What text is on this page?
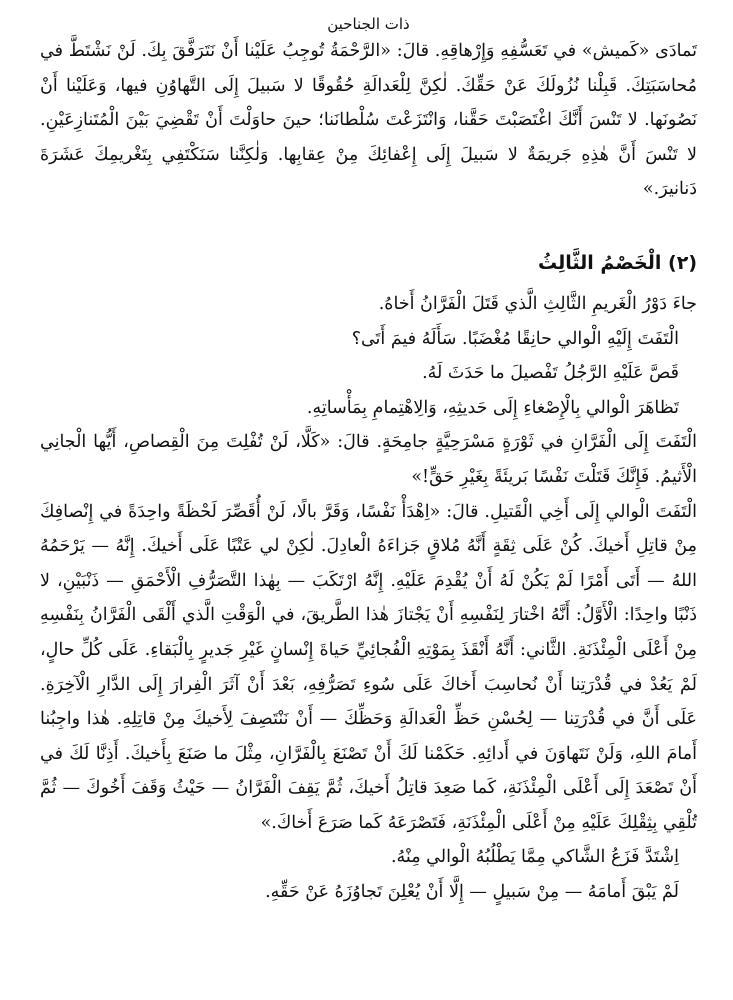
ذات الجناحين

تَمادَى «كَميش» في تَعَسُّفِهِ وَإِرْهاقِهِ. قالَ: «الرَّحْمَةُ تُوجِبُ عَلَيْنا أَنْ نَتَرَفَّقَ بِكَ. لَنْ نَشْتَطَّ في مُحاسَبَتِكَ. قَبِلْنا نُزُولَكَ عَنْ حَقِّكَ. لٰكِنَّ لِلْعَدالَةِ حُقُوقًا لا سَبيلَ إِلَى التَّهاوُنِ فيها، وَعَلَيْنا أَنْ نَصُونَها. لا تَنْسَ أَنَّكَ اغْتَصَبْتَ حَقَّنا، وَانْتَزَعْتَ سُلْطانَنا؛ حينَ حاوَلْتَ أَنْ تَقْضِيَ بَيْنَ الْمُتَنازِعَيْنِ. لا تَنْسَ أَنَّ هٰذِهِ جَريمَةٌ لا سَبيلَ إِلَى إِعْفائِكَ مِنْ عِقابِها. وَلٰكِنَّنا سَنَكْتَفِي بِتَغْريمِكَ عَشَرَةَ دَنانيرَ.»

(٢) الْخَصْمُ الثَّالِثُ

جاءَ دَوْرُ الْغَريمِ الثَّالِثِ الَّذي قَتَلَ الْفَرَّانُ أَخاهُ.

الْتَفَتَ إِلَيْهِ الْوالي حانِقًا مُغْضَبًا. سَأَلَهُ فيمَ أَتَى؟

قَصَّ عَلَيْهِ الرَّجُلُ تَفْصيلَ ما حَدَثَ لَهُ.

تَظاهَرَ الْوالي بِالْإِصْغاءِ إِلَى حَديثِهِ، وَالِاهْتِمامِ بِمَأْساتِهِ.

الْتَفَتَ إِلَى الْفَرَّانِ في ثَوْرَةٍ مَسْرَحِيَّةٍ جامِحَةٍ. قالَ: «كَلَّا، لَنْ تُفْلِتَ مِنَ الْقِصاصِ، أَيُّها الْجانِي الْأَثيمُ. فَإِنَّكَ قَتَلْتَ نَفْسًا بَريئَةً بِغَيْرِ حَقٍّ!»

الْتَفَتَ الْوالي إِلَى أَخِي الْقَتيلِ. قالَ: «اِهْدَأْ نَفْسًا، وَقَرَّ بالًا، لَنْ أُقَصِّرَ لَحْظَةً واحِدَةً في إِنْصافِكَ مِنْ قاتِلِ أَخيكَ. كُنْ عَلَى ثِقَةٍ أَنَّهُ مُلاقٍ جَزاءَهُ الْعادِلَ. لٰكِنْ لي عَتْبًا عَلَى أَخيكَ. إِنَّهُ — يَرْحَمُهُ اللهُ — أَتَى أَمْرًا لَمْ يَكُنْ لَهُ أَنْ يُقْدِمَ عَلَيْهِ. إِنَّهُ ارْتَكَبَ — بِهٰذا التَّصَرُّفِ الْأَحْمَقِ — ذَنْبَيْنِ، لا ذَنْبًا واحِدًا: الْأَوَّلُ: أَنَّهُ اخْتارَ لِنَفْسِهِ أَنْ يَجْتازَ هٰذا الطَّريقَ، في الْوَقْتِ الَّذي أَلْقَى الْفَرَّانُ بِنَفْسِهِ مِنْ أَعْلَى الْمِئْذَنَةِ. الثَّاني: أَنَّهُ أَنْقَذَ بِمَوْتِهِ الْفُجائِيِّ حَياةَ إِنْسانٍ غَيْرِ جَديرٍ بِالْبَقاءِ. عَلَى كُلِّ حالٍ، لَمْ يَعُدْ في قُدْرَتِنا أَنْ نُحاسِبَ أَخاكَ عَلَى سُوءِ تَصَرُّفِهِ، بَعْدَ أَنْ آثَرَ الْفِرارَ إِلَى الدَّارِ الْآخِرَةِ. عَلَى أَنَّ في قُدْرَتِنا — لِحُسْنِ حَظِّ الْعَدالَةِ وَحَظِّكَ — أَنْ نَنْتَصِفَ لِأَخيكَ مِنْ قاتِلِهِ. هٰذا واجِبُنا أَمامَ اللهِ، وَلَنْ نَتَهاوَنَ في أَدائِهِ. حَكَمْنا لَكَ أَنْ تَصْنَعَ بِالْفَرَّانِ، مِثْلَ ما صَنَعَ بِأَخيكَ. أَذِنَّا لَكَ في أَنْ تَصْعَدَ إِلَى أَعْلَى الْمِئْذَنَةِ، كَما صَعِدَ قاتِلُ أَخيكَ، ثُمَّ يَقِفَ الْفَرَّانُ — حَيْثُ وَقَفَ أَخُوكَ — ثُمَّ تُلْقِي بِثِقْلِكَ عَلَيْهِ مِنْ أَعْلَى الْمِئْذَنَةِ، فَتَصْرَعَهُ كَما صَرَعَ أَخاكَ.»

اِشْتَدَّ فَزَعُ الشَّاكي مِمَّا يَطْلُبُهُ الْوالي مِنْهُ.

لَمْ يَبْقَ أَمامَهُ — مِنْ سَبيلٍ — إِلَّا أَنْ يُعْلِنَ تَجاوُزَهُ عَنْ حَقِّهِ.
